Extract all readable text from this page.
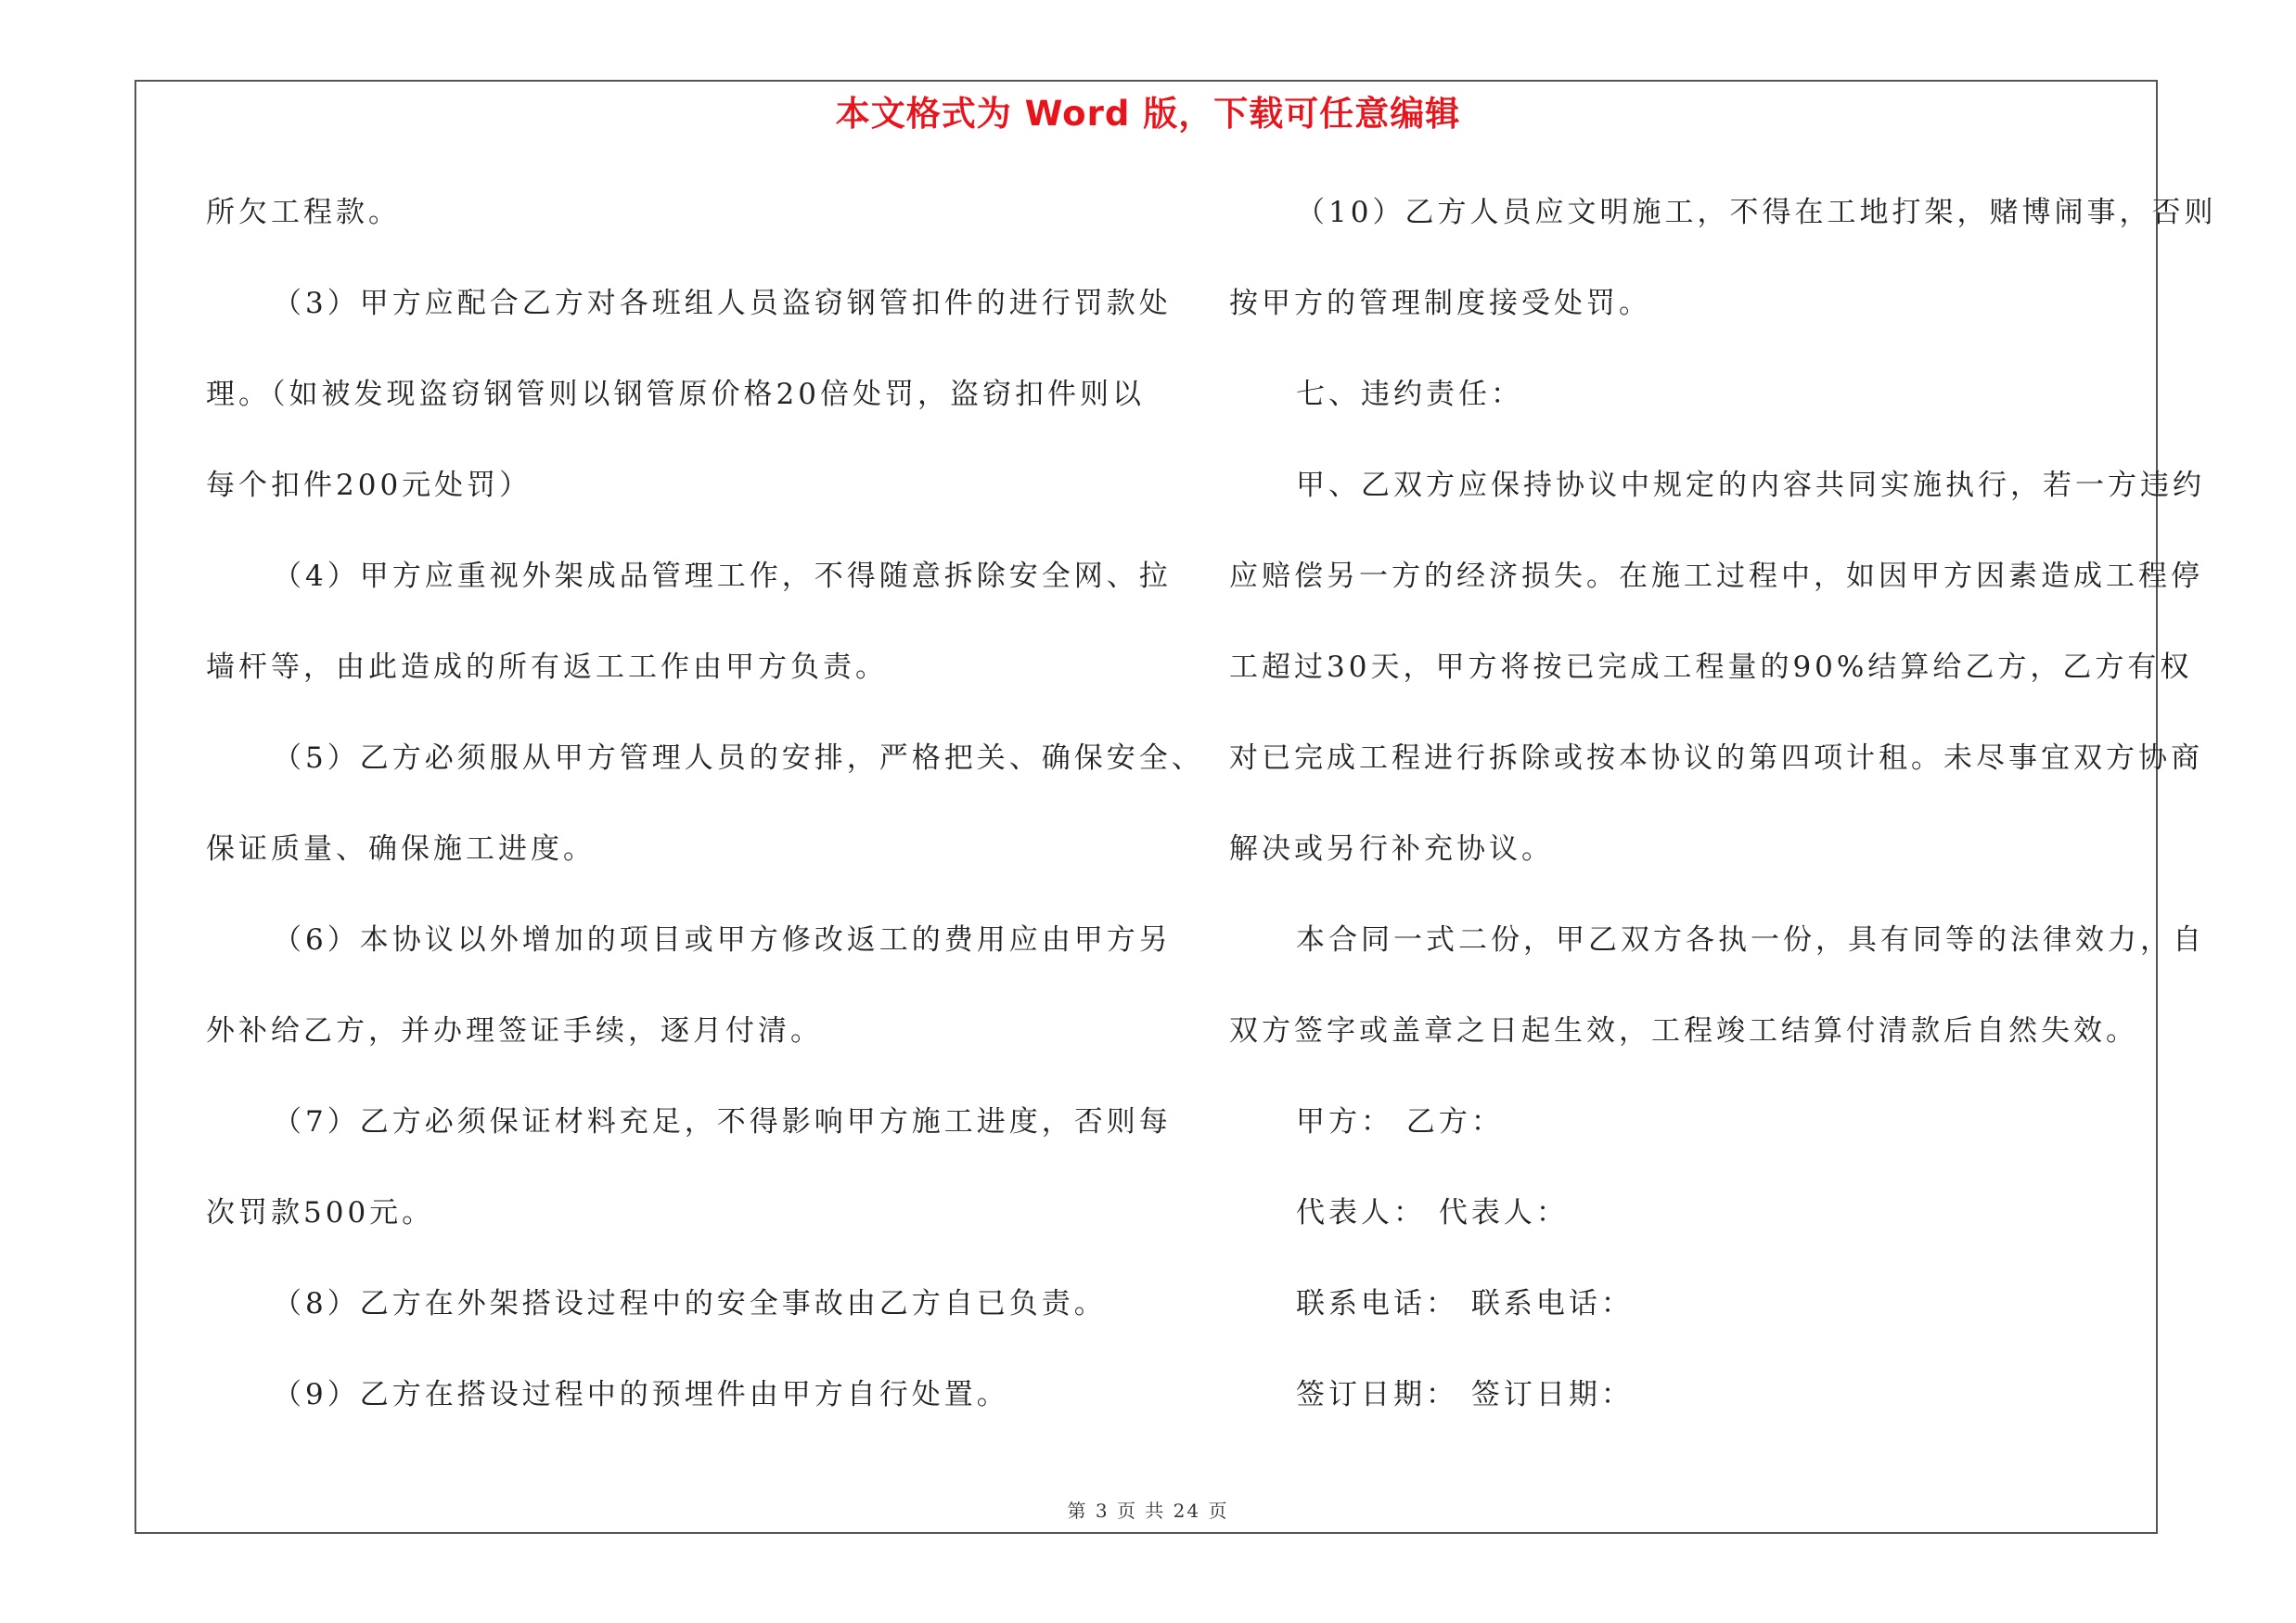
本文格式为 Word 版，下载可任意编辑
所欠工程款。
（3）甲方应配合乙方对各班组人员盗窃钢管扣件的进行罚款处
理。（如被发现盗窃钢管则以钢管原价格20倍处罚，盗窃扣件则以
每个扣件200元处罚）
（4）甲方应重视外架成品管理工作，不得随意拆除安全网、拉
墙杆等，由此造成的所有返工工作由甲方负责。
（5）乙方必须服从甲方管理人员的安排，严格把关、确保安全、
保证质量、确保施工进度。
（6）本协议以外增加的项目或甲方修改返工的费用应由甲方另
外补给乙方，并办理签证手续，逐月付清。
（7）乙方必须保证材料充足，不得影响甲方施工进度，否则每
次罚款500元。
（8）乙方在外架搭设过程中的安全事故由乙方自已负责。
（9）乙方在搭设过程中的预埋件由甲方自行处置。
（10）乙方人员应文明施工，不得在工地打架，赌博闹事，否则
按甲方的管理制度接受处罚。
七、违约责任：
甲、乙双方应保持协议中规定的内容共同实施执行，若一方违约
应赔偿另一方的经济损失。在施工过程中，如因甲方因素造成工程停
工超过30天，甲方将按已完成工程量的90%结算给乙方，乙方有权
对已完成工程进行拆除或按本协议的第四项计租。未尽事宜双方协商
解决或另行补充协议。
本合同一式二份，甲乙双方各执一份，具有同等的法律效力，自
双方签字或盖章之日起生效，工程竣工结算付清款后自然失效。
甲方： 乙方：
代表人： 代表人：
联系电话： 联系电话：
签订日期： 签订日期：
第 3 页 共 24 页
